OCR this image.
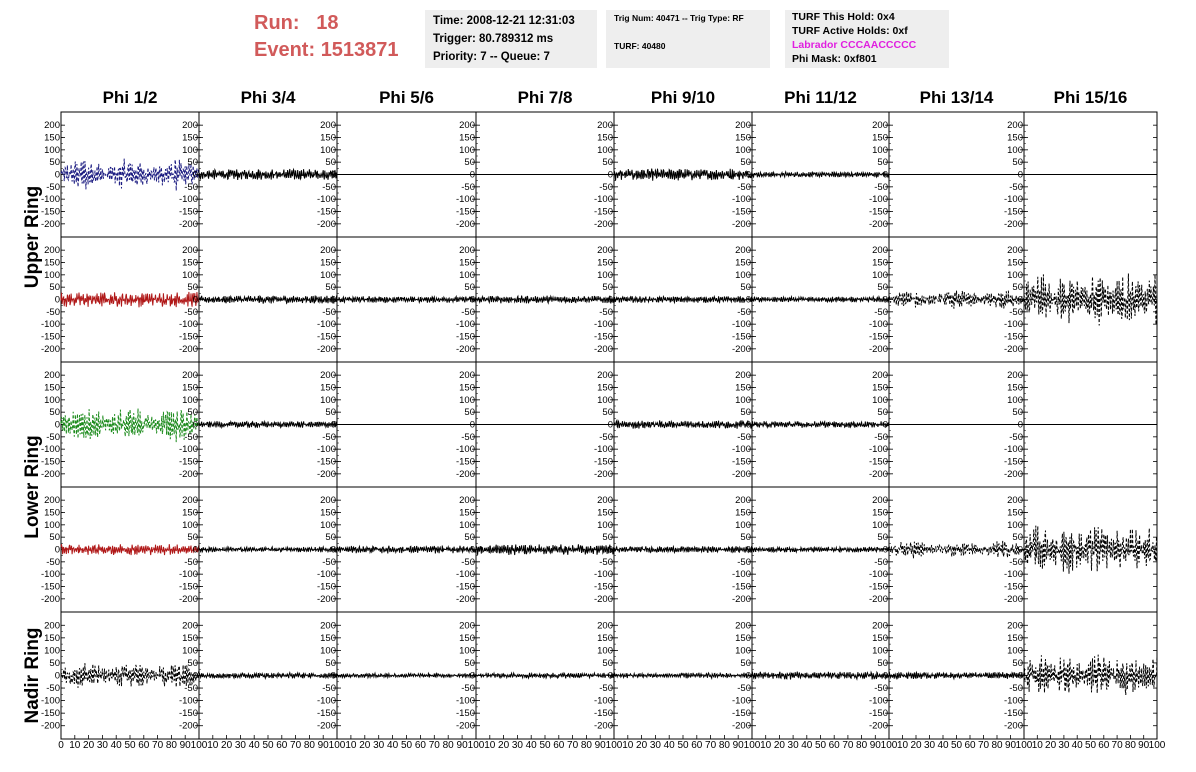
Run: 18
Event: 1513871
Time: 2008-12-21 12:31:03
Trigger: 80.789312 ms
Priority: 7 -- Queue: 7
Trig Num: 40471 -- Trig Type: RF
TURF: 40480
TURF This Hold: 0x4
TURF Active Holds: 0xf
Labrador CCCAACCCCC
Phi Mask: 0xf801
Phi 1/2	Phi 3/4	Phi 5/6	Phi 7/8	Phi 9/10	Phi 11/12	Phi 13/14	Phi 15/16
Upper Ring
Lower Ring
Nadir Ring
-200
-150
-100
-50
0
50
100
150
200
-200
-150
-100
-50
0
50
100
150
200
-200
-150
-100
-50
0
50
100
150
200
-200
-150
-100
-50
0
50
100
150
200
-200
-150
-100
-50
0
50
100
150
200
-200
-150
-100
-50
0
50
100
150
200
-200
-150
-100
-50
0
50
100
150
200
-200
-150
-100
-50
0
50
100
150
200
-200
-150
-100
-50
0
50
100
150
200
-200
-150
-100
-50
0
50
100
150
200
-200
-150
-100
-50
0
50
100
150
200
-200
-150
-100
-50
0
50
100
150
200
-200
-150
-100
-50
0
50
100
150
200
-200
-150
-100
-50
0
50
100
150
200
-200
-150
-100
-50
0
50
100
150
200
-200
-150
-100
-50
0
50
100
150
200
-200
-150
-100
-50
0
50
100
150
200
-200
-150
-100
-50
0
50
100
150
200
-200
-150
-100
-50
0
50
100
150
200
-200
-150
-100
-50
0
50
100
150
200
-200
-150
-100
-50
0
50
100
150
200
-200
-150
-100
-50
0
50
100
150
200
-200
-150
-100
-50
0
50
100
150
200
-200
-150
-100
-50
0
50
100
150
200
-200
-150
-100
-50
0
50
100
150
200
-200
-150
-100
-50
0
50
100
150
200
-200
-150
-100
-50
0
50
100
150
200
-200
-150
-100
-50
0
50
100
150
200
-200
-150
-100
-50
0
50
100
150
200
-200
-150
-100
-50
0
50
100
150
200
-200
-150
-100
-50
0
50
100
150
200
-200
-150
-100
-50
0
50
100
150
200
-200
-150
-100
-50
0
50
100
150
200
-200
-150
-100
-50
0
50
100
150
200
-200
-150
-100
-50
0
50
100
150
200
-200
-150
-100
-50
0
50
100
150
200
-200
-150
-100
-50
0
50
100
150
200
-200
-150
-100
-50
0
50
100
150
200
-200
-150
-100
-50
0
50
100
150
200
-200
-150
-100
-50
0
50
100
150
200
0 10 20 30 40 50 60 70 80 90 100 10 20 30 40 50 60 70 80 90 100 10 20 30 40 50 60 70 80 90 100 10 20 30 40 50 60 70 80 90 100 10 20 30 40 50 60 70 80 90 100 10 20 30 40 50 60 70 80 90 100 10 20 30 40 50 60 70 80 90 100 10 20 30 40 50 60 70 80 90 100
